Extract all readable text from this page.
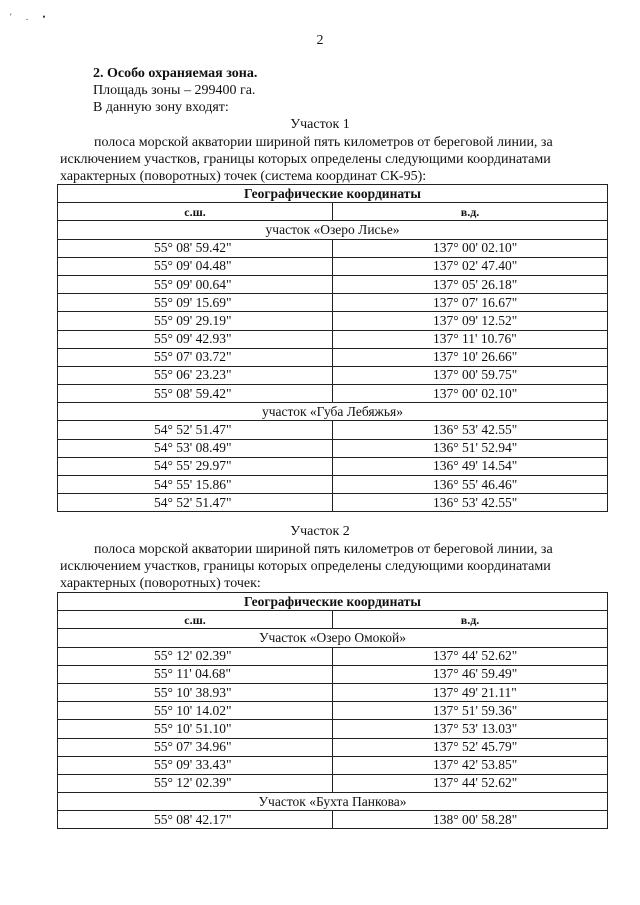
' . •
2
2. Особо охраняемая зона.
Площадь зоны – 299400 га.
В данную зону входят:
Участок 1
полоса морской акватории шириной пять километров от береговой линии, за
исключением участков, границы которых определены следующими координатами
характерных (поворотных) точек (система координат СК-95):
Географические координаты	
с.ш.	в.д.
участок «Озеро Лисье»	
55° 08' 59.42"	137° 00' 02.10"
55° 09' 04.48"	137° 02' 47.40"
55° 09' 00.64"	137° 05' 26.18"
55° 09' 15.69"	137° 07' 16.67"
55° 09' 29.19"	137° 09' 12.52"
55° 09' 42.93"	137° 11' 10.76"
55° 07' 03.72"	137° 10' 26.66"
55° 06' 23.23"	137° 00' 59.75"
55° 08' 59.42"	137° 00' 02.10"
участок «Губа Лебяжья»	
54° 52' 51.47"	136° 53' 42.55"
54° 53' 08.49"	136° 51' 52.94"
54° 55' 29.97"	136° 49' 14.54"
54° 55' 15.86"	136° 55' 46.46"
54° 52' 51.47"	136° 53' 42.55"
Участок 2
полоса морской акватории шириной пять километров от береговой линии, за
исключением участков, границы которых определены следующими координатами
характерных (поворотных) точек:
Географические координаты	
с.ш.	в.д.
Участок «Озеро Омокой»	
55° 12' 02.39"	137° 44' 52.62"
55° 11' 04.68"	137° 46' 59.49"
55° 10' 38.93"	137° 49' 21.11"
55° 10' 14.02"	137° 51' 59.36"
55° 10' 51.10"	137° 53' 13.03"
55° 07' 34.96"	137° 52' 45.79"
55° 09' 33.43"	137° 42' 53.85"
55° 12' 02.39"	137° 44' 52.62"
Участок «Бухта Панкова»	
55° 08' 42.17"	138° 00' 58.28"
